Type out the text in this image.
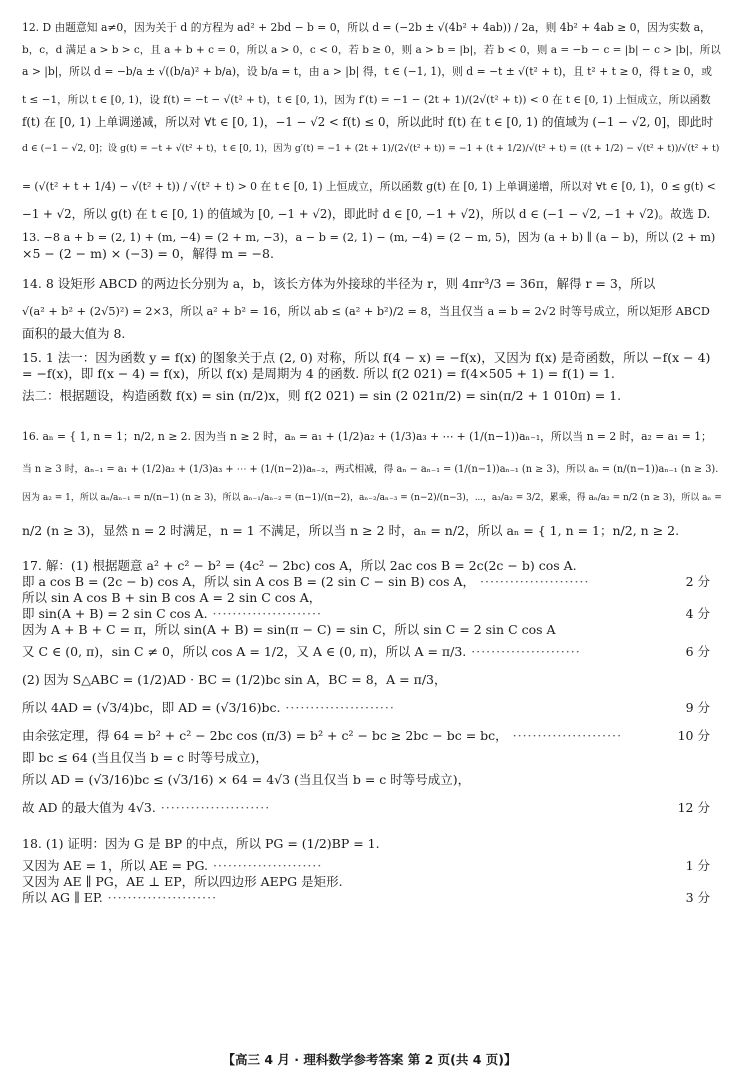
12. D 由题意知 a≠0，因为关于 d 的方程为 ad² + 2bd − b = 0，所以 d = (−2b ± √(4b² + 4ab)) / 2a，则 4b² + 4ab ≥ 0，因为实数 a，
b，c，d 满足 a > b > c，且 a + b + c = 0，所以 a > 0，c < 0，若 b ≥ 0，则 a > b = |b|，若 b < 0，则 a = −b − c = |b| − c > |b|，所以
a > |b|，所以 d = −b/a ± √((b/a)² + b/a)，设 b/a = t，由 a > |b| 得，t ∈ (−1, 1)，则 d = −t ± √(t² + t)，且 t² + t ≥ 0，得 t ≥ 0，或
t ≤ −1，所以 t ∈ [0, 1)，设 f(t) = −t − √(t² + t)，t ∈ [0, 1)，因为 f′(t) = −1 − (2t + 1)/(2√(t² + t)) < 0 在 t ∈ [0, 1) 上恒成立，所以函数
f(t) 在 [0, 1) 上单调递减，所以对 ∀t ∈ [0, 1)，−1 − √2 < f(t) ≤ 0，所以此时 f(t) 在 t ∈ [0, 1) 的值域为 (−1 − √2, 0]，即此时
d ∈ (−1 − √2, 0]；设 g(t) = −t + √(t² + t)，t ∈ [0, 1)，因为 g′(t) = −1 + (2t + 1)/(2√(t² + t)) = −1 + (t + 1/2)/√(t² + t) = ((t + 1/2) − √(t² + t))/√(t² + t)
= (√(t² + t + 1/4) − √(t² + t)) / √(t² + t) > 0 在 t ∈ [0, 1) 上恒成立，所以函数 g(t) 在 [0, 1) 上单调递增，所以对 ∀t ∈ [0, 1)，0 ≤ g(t) <
−1 + √2，所以 g(t) 在 t ∈ [0, 1) 的值域为 [0, −1 + √2)，即此时 d ∈ [0, −1 + √2)，所以 d ∈ (−1 − √2, −1 + √2)。故选 D.
13. −8 a + b = (2, 1) + (m, −4) = (2 + m, −3)，a − b = (2, 1) − (m, −4) = (2 − m, 5)，因为 (a + b) ∥ (a − b)，所以 (2 + m)
×5 − (2 − m) × (−3) = 0，解得 m = −8.
14. 8 设矩形 ABCD 的两边长分别为 a，b，该长方体为外接球的半径为 r，则 4πr³/3 = 36π，解得 r = 3，所以
√(a² + b² + (2√5)²) = 2×3，所以 a² + b² = 16，所以 ab ≤ (a² + b²)/2 = 8，当且仅当 a = b = 2√2 时等号成立，所以矩形 ABCD
面积的最大值为 8.
15. 1 法一：因为函数 y = f(x) 的图象关于点 (2, 0) 对称，所以 f(4 − x) = −f(x)，又因为 f(x) 是奇函数，所以 −f(x − 4)
= −f(x)，即 f(x − 4) = f(x)，所以 f(x) 是周期为 4 的函数. 所以 f(2 021) = f(4×505 + 1) = f(1) = 1.
法二：根据题设，构造函数 f(x) = sin (π/2)x，则 f(2 021) = sin (2 021π/2) = sin(π/2 + 1 010π) = 1.
16. aₙ = { 1, n = 1；n/2, n ≥ 2. 因为当 n ≥ 2 时，aₙ = a₁ + (1/2)a₂ + (1/3)a₃ + ⋯ + (1/(n−1))aₙ₋₁，所以当 n = 2 时，a₂ = a₁ = 1；
当 n ≥ 3 时，aₙ₋₁ = a₁ + (1/2)a₂ + (1/3)a₃ + ⋯ + (1/(n−2))aₙ₋₂，两式相减，得 aₙ − aₙ₋₁ = (1/(n−1))aₙ₋₁ (n ≥ 3)，所以 aₙ = (n/(n−1))aₙ₋₁ (n ≥ 3).
因为 a₂ = 1，所以 aₙ/aₙ₋₁ = n/(n−1) (n ≥ 3)，所以 aₙ₋₁/aₙ₋₂ = (n−1)/(n−2)，aₙ₋₂/aₙ₋₃ = (n−2)/(n−3)，⋯，a₃/a₂ = 3/2，累乘，得 aₙ/a₂ = n/2 (n ≥ 3)，所以 aₙ =
n/2 (n ≥ 3)，显然 n = 2 时满足，n = 1 不满足，所以当 n ≥ 2 时，aₙ = n/2，所以 aₙ = { 1, n = 1；n/2, n ≥ 2.
17. 解：(1) 根据题意 a² + c² − b² = (4c² − 2bc) cos A，所以 2ac cos B = 2c(2c − b) cos A.
即 a cos B = (2c − b) cos A，所以 sin A cos B = (2 sin C − sin B) cos A， ······················	2 分
所以 sin A cos B + sin B cos A = 2 sin C cos A，
即 sin(A + B) = 2 sin C cos A. ······················	4 分
因为 A + B + C = π，所以 sin(A + B) = sin(π − C) = sin C，所以 sin C = 2 sin C cos A
又 C ∈ (0, π)，sin C ≠ 0，所以 cos A = 1/2，又 A ∈ (0, π)，所以 A = π/3. ······················	6 分
(2) 因为 S△ABC = (1/2)AD · BC = (1/2)bc sin A，BC = 8，A = π/3，
所以 4AD = (√3/4)bc，即 AD = (√3/16)bc. ······················	9 分
由余弦定理，得 64 = b² + c² − 2bc cos (π/3) = b² + c² − bc ≥ 2bc − bc = bc， ······················	10 分
即 bc ≤ 64 (当且仅当 b = c 时等号成立)，
所以 AD = (√3/16)bc ≤ (√3/16) × 64 = 4√3 (当且仅当 b = c 时等号成立)，
故 AD 的最大值为 4√3. ······················	12 分
18. (1) 证明：因为 G 是 BP 的中点，所以 PG = (1/2)BP = 1.
又因为 AE = 1，所以 AE = PG. ······················	1 分
又因为 AE ∥ PG，AE ⊥ EP，所以四边形 AEPG 是矩形.
所以 AG ∥ EP. ······················	3 分
【高三 4 月 · 理科数学参考答案 第 2 页(共 4 页)】
